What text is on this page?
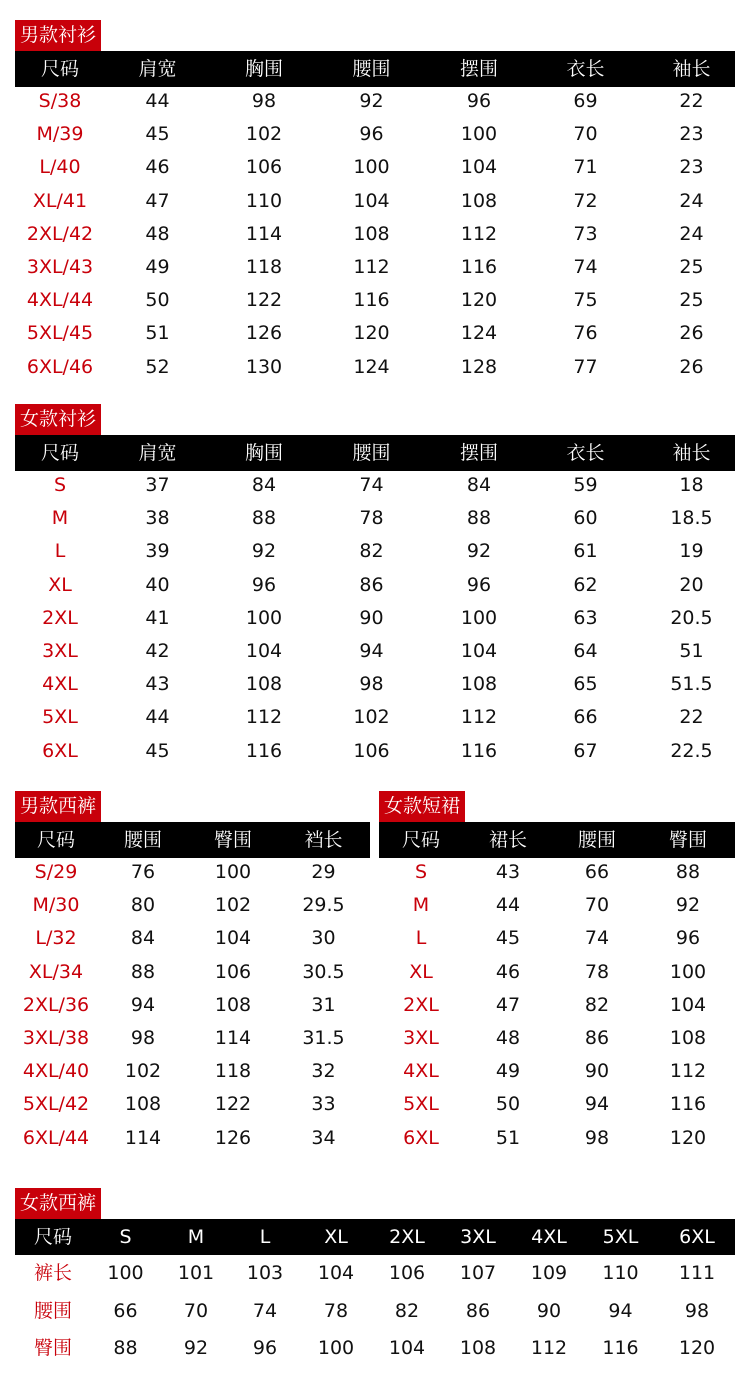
男款衬衫
女款衬衫
男款西裤	女款短裙
女款西裤
尺码	肩宽	胸围	腰围	摆围	衣长	袖长
S/38	44	98	92	96	69	22
M/39	45	102	96	100	70	23
L/40	46	106	100	104	71	23
XL/41	47	110	104	108	72	24
2XL/42	48	114	108	112	73	24
3XL/43	49	118	112	116	74	25
4XL/44	50	122	116	120	75	25
5XL/45	51	126	120	124	76	26
6XL/46	52	130	124	128	77	26
尺码	肩宽	胸围	腰围	摆围	衣长	袖长
S	37	84	74	84	59	18
M	38	88	78	88	60	18.5
L	39	92	82	92	61	19
XL	40	96	86	96	62	20
2XL	41	100	90	100	63	20.5
3XL	42	104	94	104	64	51
4XL	43	108	98	108	65	51.5
5XL	44	112	102	112	66	22
6XL	45	116	106	116	67	22.5
尺码	腰围	臀围	裆长
S/29	76	100	29
M/30	80	102	29.5
L/32	84	104	30
XL/34	88	106	30.5
2XL/36	94	108	31
3XL/38	98	114	31.5
4XL/40	102	118	32
5XL/42	108	122	33
6XL/44	114	126	34
尺码	裙长	腰围	臀围
S	43	66	88
M	44	70	92
L	45	74	96
XL	46	78	100
2XL	47	82	104
3XL	48	86	108
4XL	49	90	112
5XL	50	94	116
6XL	51	98	120
尺码	S	M	L	XL	2XL	3XL	4XL	5XL	6XL
裤长	100	101	103	104	106	107	109	110	111
腰围	66	70	74	78	82	86	90	94	98
臀围	88	92	96	100	104	108	112	116	120
